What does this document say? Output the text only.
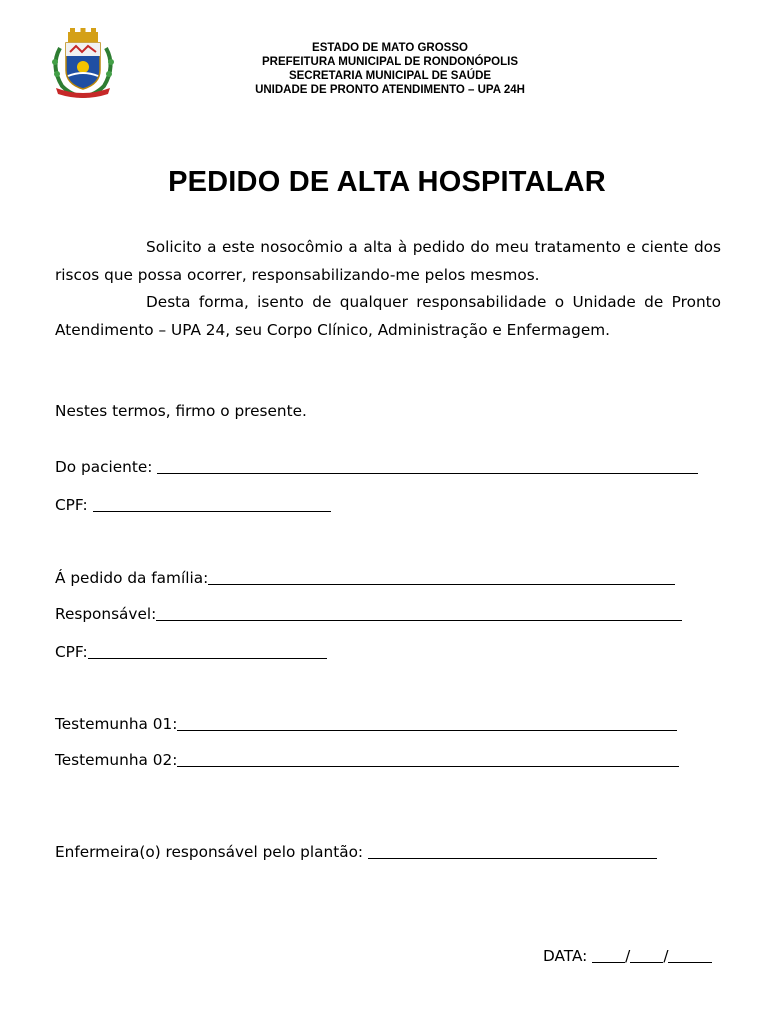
ESTADO DE MATO GROSSO
PREFEITURA MUNICIPAL DE RONDONÓPOLIS
SECRETARIA MUNICIPAL DE SAÚDE
UNIDADE DE PRONTO ATENDIMENTO – UPA 24H
PEDIDO DE ALTA HOSPITALAR
Solicito a este nosocômio a alta à pedido do meu tratamento e ciente dos riscos que possa ocorrer, responsabilizando-me pelos mesmos.
Desta forma, isento de qualquer responsabilidade o Unidade de Pronto Atendimento – UPA 24, seu Corpo Clínico, Administração e Enfermagem.
Nestes termos, firmo o presente.
Do paciente:
CPF:
Á pedido da família:
Responsável:
CPF:
Testemunha 01:
Testemunha 02:
Enfermeira(o) responsável pelo plantão:
DATA: / /
